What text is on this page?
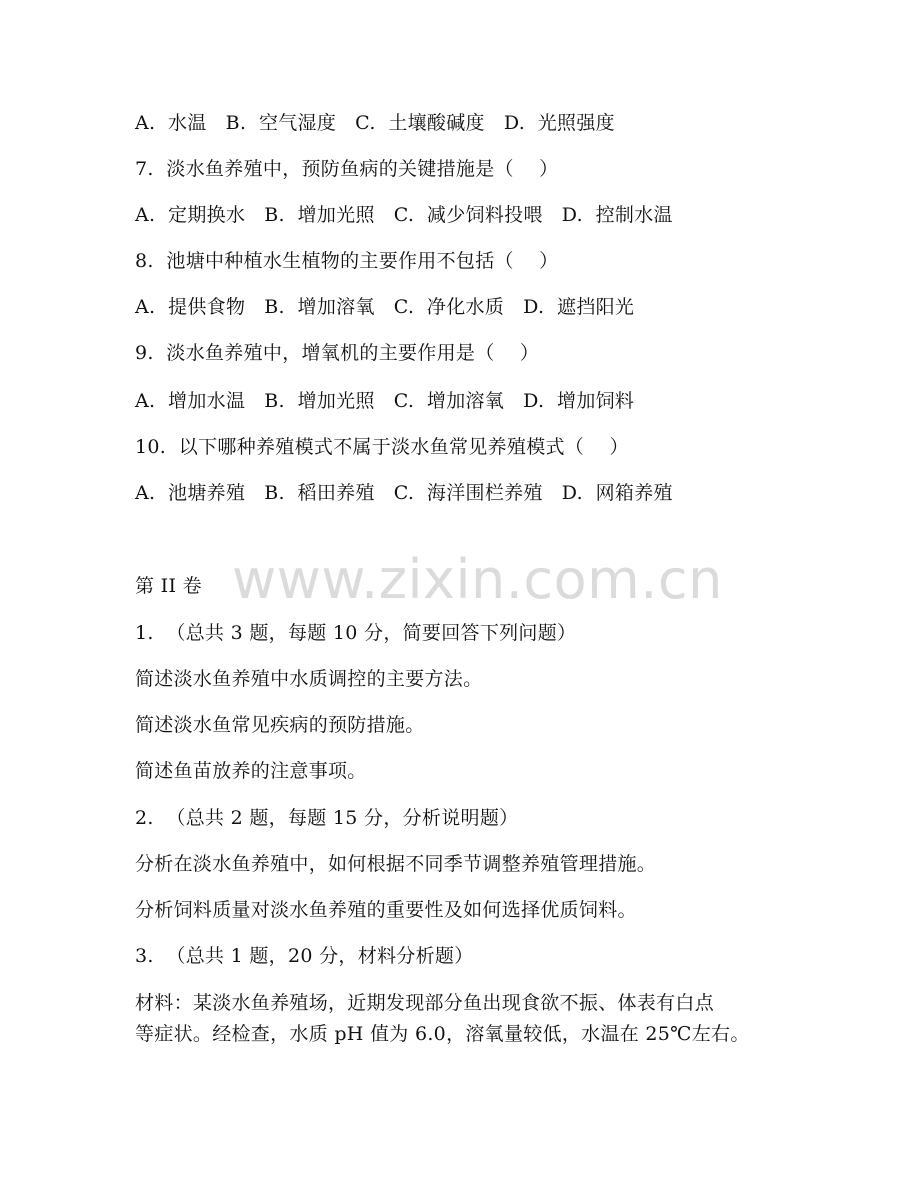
A.  水温   B.  空气湿度   C.  土壤酸碱度   D.  光照强度
7.  淡水鱼养殖中，预防鱼病的关键措施是（    ）
A.  定期换水   B.  增加光照   C.  减少饲料投喂   D.  控制水温
8.  池塘中种植水生植物的主要作用不包括（    ）
A.  提供食物   B.  增加溶氧   C.  净化水质   D.  遮挡阳光
9.  淡水鱼养殖中，增氧机的主要作用是（    ）
A.  增加水温   B.  增加光照   C.  增加溶氧   D.  增加饲料
10.  以下哪种养殖模式不属于淡水鱼常见养殖模式（    ）
A.  池塘养殖   B.  稻田养殖   C.  海洋围栏养殖   D.  网箱养殖
第 II 卷
1.  （总共 3 题，每题 10 分，简要回答下列问题）
简述淡水鱼养殖中水质调控的主要方法。
简述淡水鱼常见疾病的预防措施。
简述鱼苗放养的注意事项。
2.  （总共 2 题，每题 15 分，分析说明题）
分析在淡水鱼养殖中，如何根据不同季节调整养殖管理措施。
分析饲料质量对淡水鱼养殖的重要性及如何选择优质饲料。
3.  （总共 1 题，20 分，材料分析题）
材料：某淡水鱼养殖场，近期发现部分鱼出现食欲不振、体表有白点
等症状。经检查，水质 pH 值为 6.0，溶氧量较低，水温在 25℃左右。
www.zixin.com.cn
